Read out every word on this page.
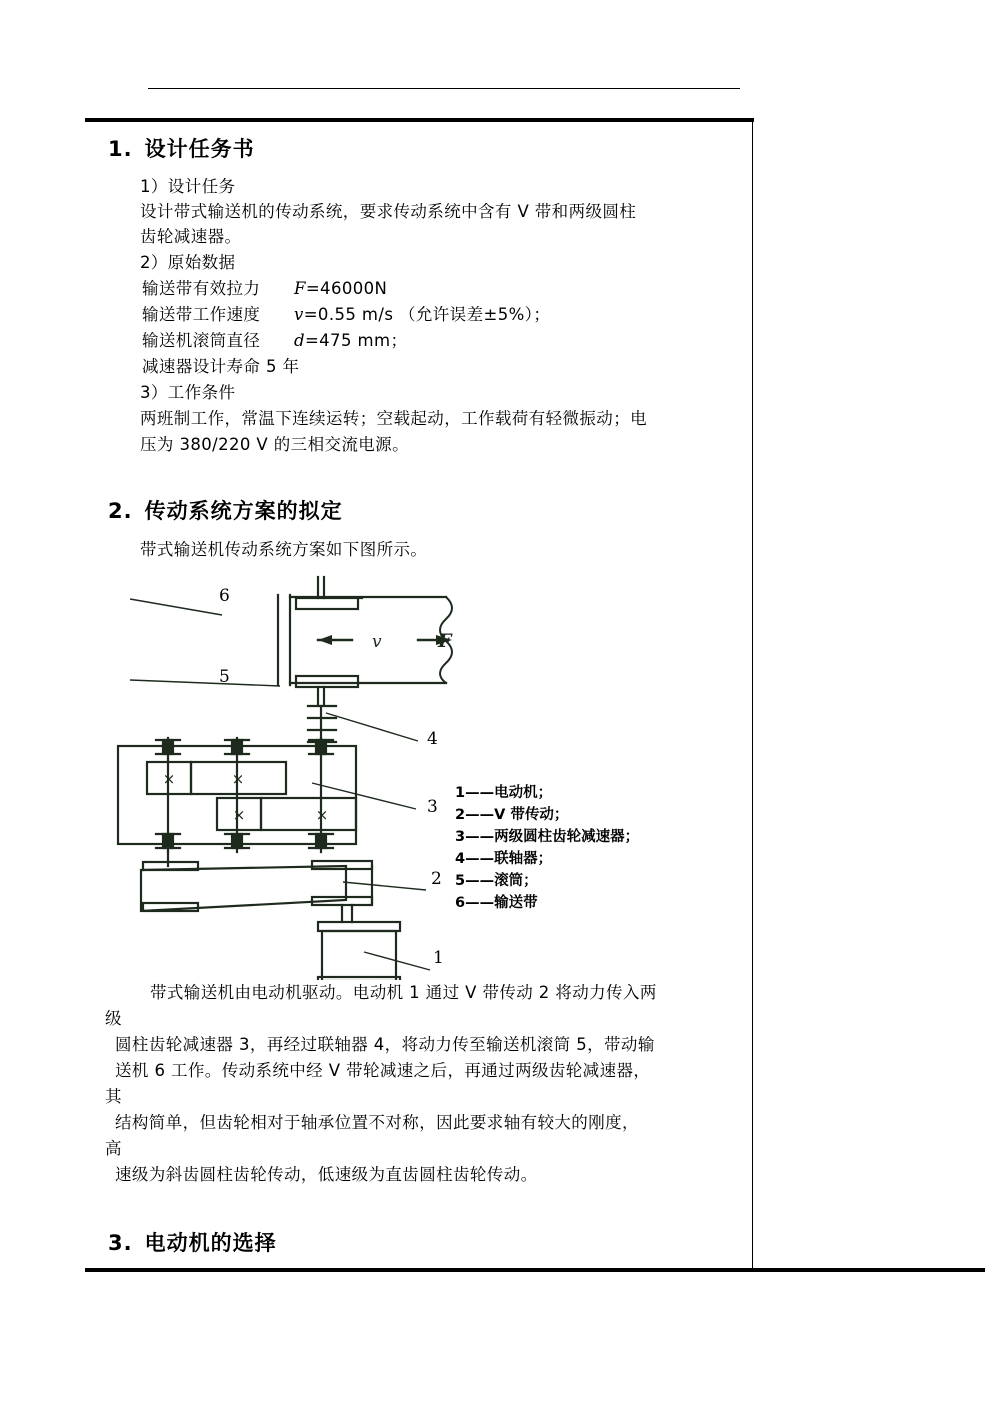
1. 设计任务书
1）设计任务
设计带式输送机的传动系统，要求传动系统中含有 V 带和两级圆柱
齿轮减速器。
2）原始数据
输送带有效拉力 F=46000N
输送带工作速度 v=0.55 m/s （允许误差±5%）；
输送机滚筒直径 d=475 mm；
减速器设计寿命 5 年
3）工作条件
两班制工作，常温下连续运转；空载起动，工作载荷有轻微振动；电
压为 380/220 V 的三相交流电源。
2. 传动系统方案的拟定
带式输送机传动系统方案如下图所示。
v	F
×	×
×	×
6
5
4
3
2
1
1——电动机；
2——V 带传动；
3——两级圆柱齿轮减速器；
4——联轴器；
5——滚筒；
6——输送带
带式输送机由电动机驱动。电动机 1 通过 V 带传动 2 将动力传入两
级
圆柱齿轮减速器 3，再经过联轴器 4，将动力传至输送机滚筒 5，带动输
送机 6 工作。传动系统中经 V 带轮减速之后，再通过两级齿轮减速器，
其
结构简单，但齿轮相对于轴承位置不对称，因此要求轴有较大的刚度，
高
速级为斜齿圆柱齿轮传动，低速级为直齿圆柱齿轮传动。
3. 电动机的选择
